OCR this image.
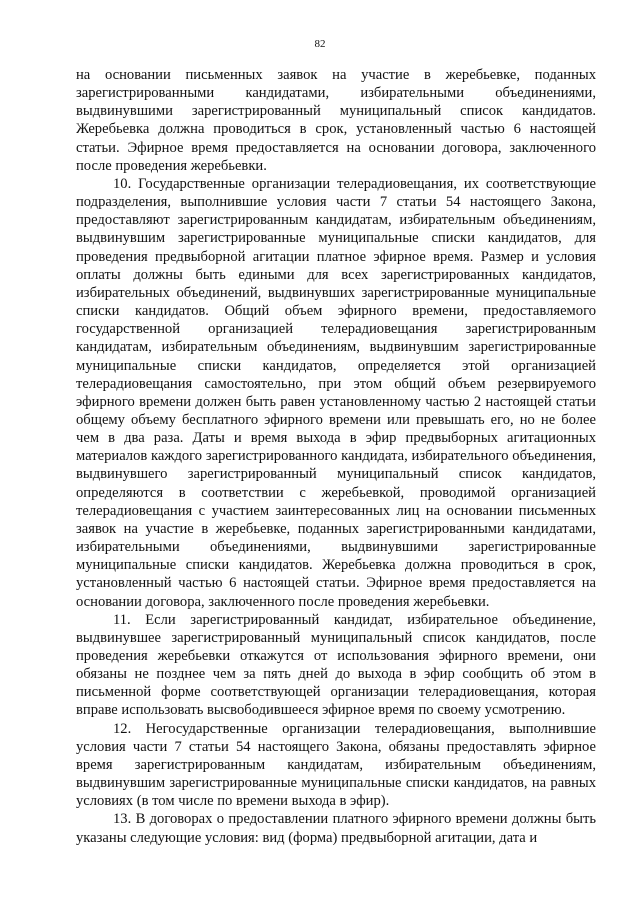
82

на основании письменных заявок на участие в жеребьевке, поданных зарегистрированными кандидатами, избирательными объединениями, выдвинувшими зарегистрированный муниципальный список кандидатов. Жеребьевка должна проводиться в срок, установленный частью 6 настоящей статьи. Эфирное время предоставляется на основании договора, заключенного после проведения жеребьевки.

10. Государственные организации телерадиовещания, их соответствующие подразделения, выполнившие условия части 7 статьи 54 настоящего Закона, предоставляют зарегистрированным кандидатам, избирательным объединениям, выдвинувшим зарегистрированные муниципальные списки кандидатов, для проведения предвыборной агитации платное эфирное время. Размер и условия оплаты должны быть едиными для всех зарегистрированных кандидатов, избирательных объединений, выдвинувших зарегистрированные муниципальные списки кандидатов. Общий объем эфирного времени, предоставляемого государственной организацией телерадиовещания зарегистрированным кандидатам, избирательным объединениям, выдвинувшим зарегистрированные муниципальные списки кандидатов, определяется этой организацией телерадиовещания самостоятельно, при этом общий объем резервируемого эфирного времени должен быть равен установленному частью 2 настоящей статьи общему объему бесплатного эфирного времени или превышать его, но не более чем в два раза. Даты и время выхода в эфир предвыборных агитационных материалов каждого зарегистрированного кандидата, избирательного объединения, выдвинувшего зарегистрированный муниципальный список кандидатов, определяются в соответствии с жеребьевкой, проводимой организацией телерадиовещания с участием заинтересованных лиц на основании письменных заявок на участие в жеребьевке, поданных зарегистрированными кандидатами, избирательными объединениями, выдвинувшими зарегистрированные муниципальные списки кандидатов. Жеребьевка должна проводиться в срок, установленный частью 6 настоящей статьи. Эфирное время предоставляется на основании договора, заключенного после проведения жеребьевки.

11. Если зарегистрированный кандидат, избирательное объединение, выдвинувшее зарегистрированный муниципальный список кандидатов, после проведения жеребьевки откажутся от использования эфирного времени, они обязаны не позднее чем за пять дней до выхода в эфир сообщить об этом в письменной форме соответствующей организации телерадиовещания, которая вправе использовать высвободившееся эфирное время по своему усмотрению.

12. Негосударственные организации телерадиовещания, выполнившие условия части 7 статьи 54 настоящего Закона, обязаны предоставлять эфирное время зарегистрированным кандидатам, избирательным объединениям, выдвинувшим зарегистрированные муниципальные списки кандидатов, на равных условиях (в том числе по времени выхода в эфир).

13. В договорах о предоставлении платного эфирного времени должны быть указаны следующие условия: вид (форма) предвыборной агитации, дата и
